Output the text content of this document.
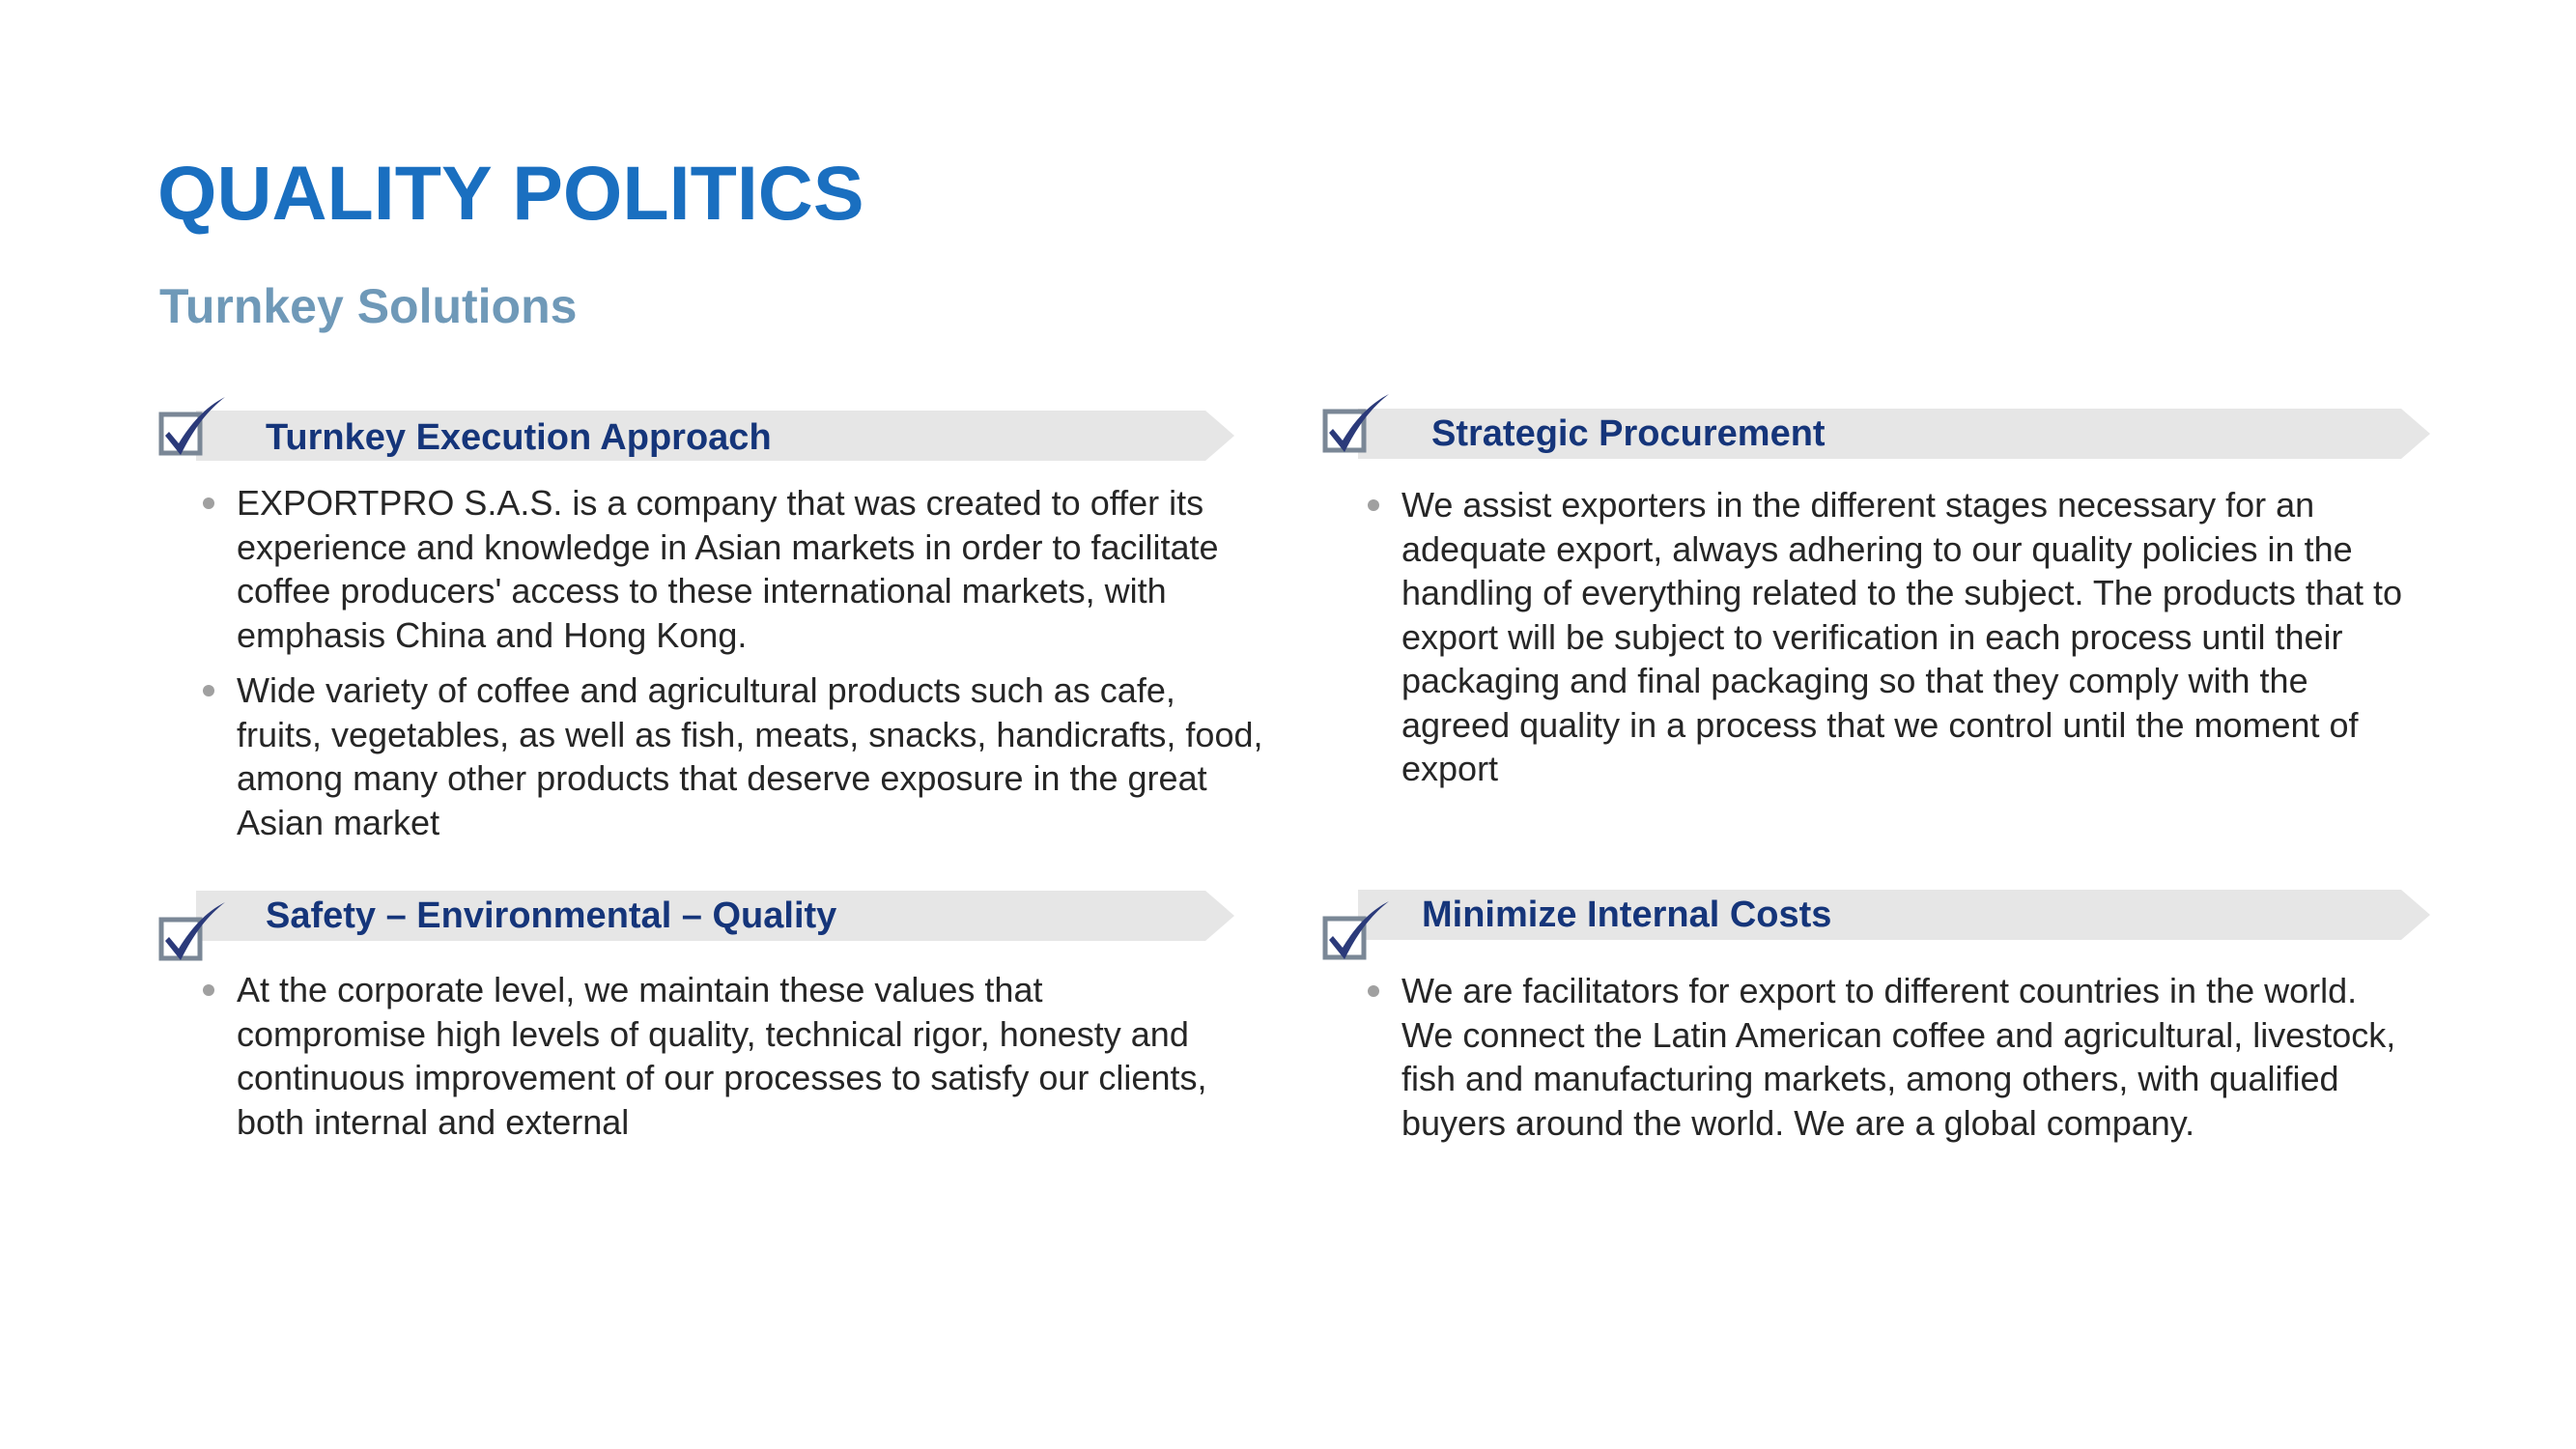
QUALITY POLITICS
Turnkey Solutions
Turnkey Execution Approach
EXPORTPRO S.A.S. is a company that was created to offer its experience and knowledge in Asian markets in order to facilitate coffee producers' access to these international markets, with emphasis China and Hong Kong.
Wide variety of coffee and agricultural products such as cafe, fruits, vegetables, as well as fish, meats, snacks, handicrafts, food, among many other products that deserve exposure in the great Asian market
Strategic Procurement
We assist exporters in the different stages necessary for an adequate export, always adhering to our quality policies in the handling of everything related to the subject. The products that to export will be subject to verification in each process until their packaging and final packaging so that they comply with the agreed quality in a process that we control until the moment of export
Safety – Environmental – Quality
At the corporate level, we maintain these values that compromise high levels of quality, technical rigor, honesty and continuous improvement of our processes to satisfy our clients, both internal and external
Minimize Internal Costs
We are facilitators for export to different countries in the world. We connect the Latin American coffee and agricultural, livestock, fish and manufacturing markets, among others, with qualified buyers around the world. We are a global company.
